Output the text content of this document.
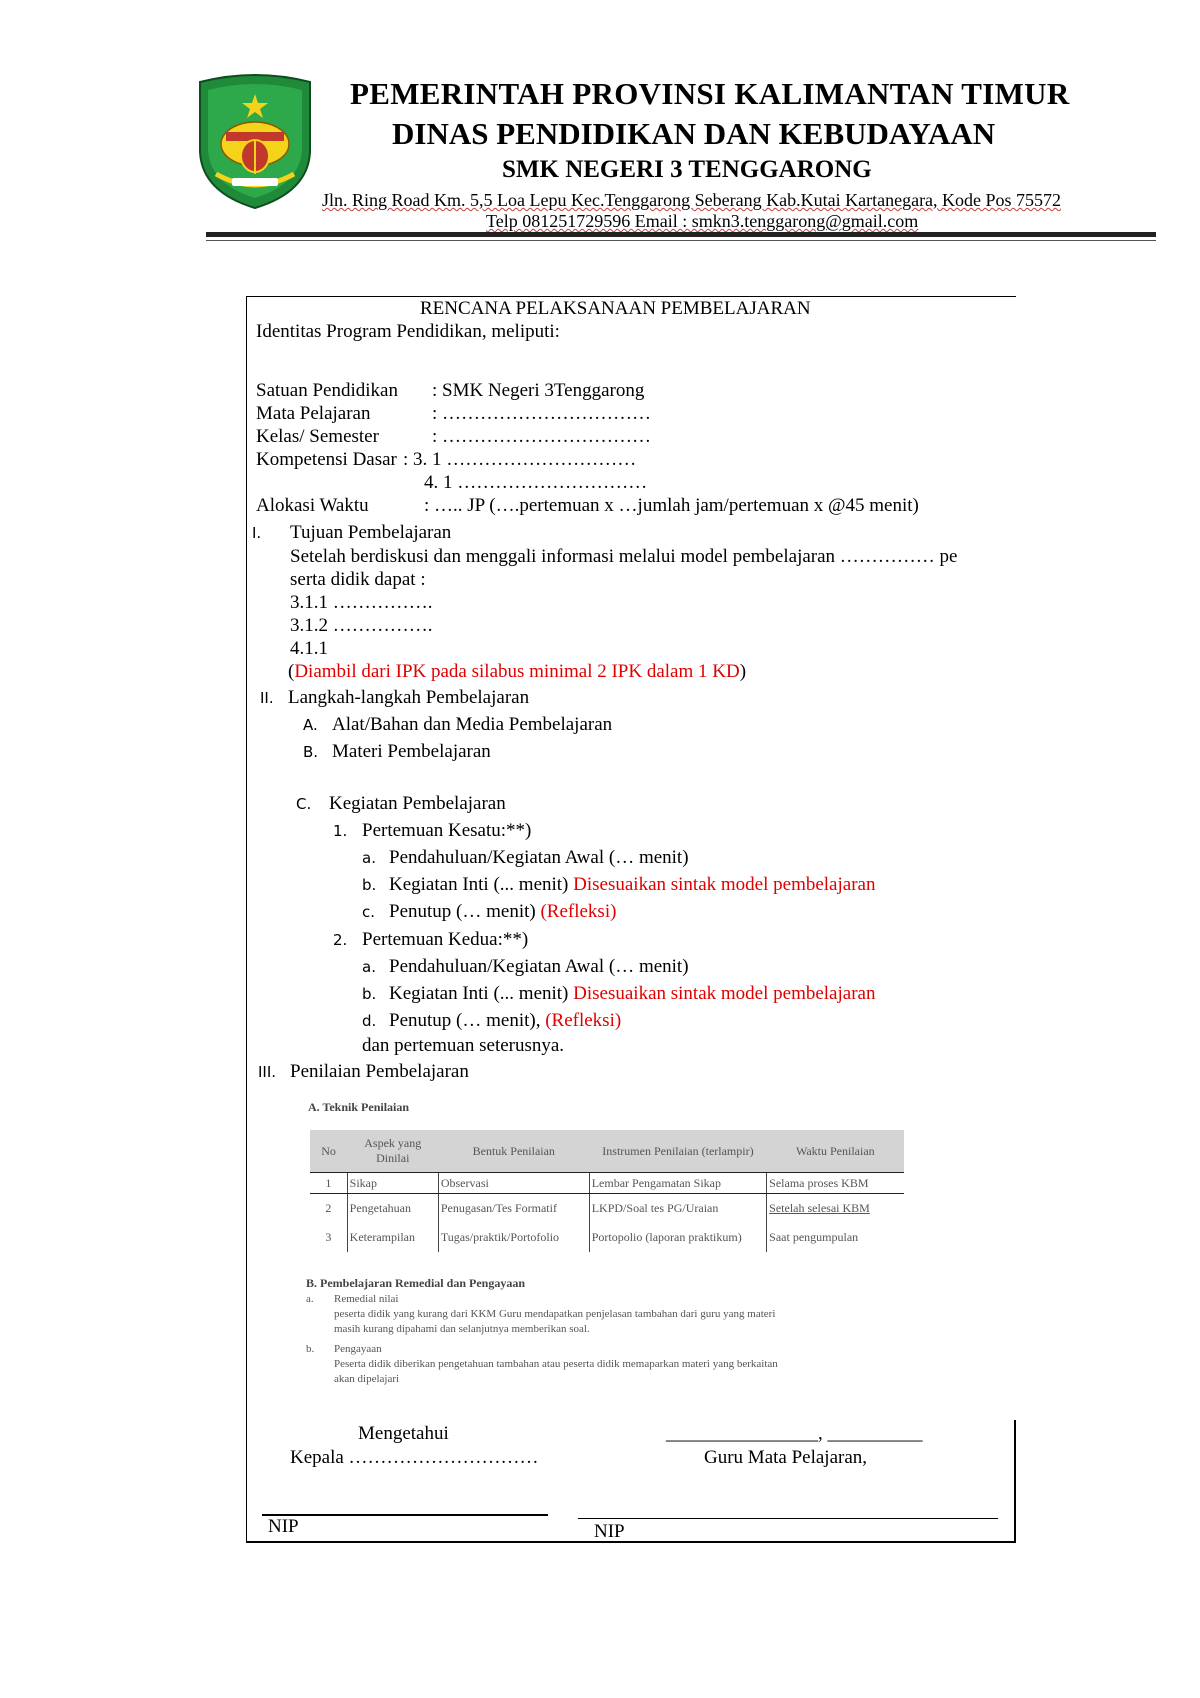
PEMERINTAH PROVINSI KALIMANTAN TIMUR
DINAS PENDIDIKAN DAN KEBUDAYAAN
SMK NEGERI 3 TENGGARONG
Jln. Ring Road Km. 5,5 Loa Lepu Kec.Tenggarong Seberang Kab.Kutai Kartanegara, Kode Pos 75572
Telp 081251729596 Email : smkn3.tenggarong@gmail.com
RENCANA PELAKSANAAN PEMBELAJARAN
Identitas Program Pendidikan, meliputi:
Satuan Pendidikan : SMK Negeri 3Tenggarong
Mata Pelajaran	: ……………………………
Kelas/ Semester	: ……………………………
Kompetensi Dasar : 3. 1 …………………………
4. 1 …………………………
Alokasi Waktu	: ….. JP (….pertemuan x …jumlah jam/pertemuan x @45 menit)
I. Tujuan Pembelajaran
Setelah berdiskusi dan menggali informasi melalui model pembelajaran …………… pe
serta didik dapat :
3.1.1 …………….
3.1.2 …………….
4.1.1
(Diambil dari IPK pada silabus minimal 2 IPK dalam 1 KD)
II. Langkah-langkah Pembelajaran
A. Alat/Bahan dan Media Pembelajaran
B. Materi Pembelajaran
C. Kegiatan Pembelajaran
1. Pertemuan Kesatu:**)
a. Pendahuluan/Kegiatan Awal (… menit)
b. Kegiatan Inti (... menit) Disesuaikan sintak model pembelajaran
c. Penutup (… menit) (Refleksi)
2. Pertemuan Kedua:**)
a. Pendahuluan/Kegiatan Awal (… menit)
b. Kegiatan Inti (... menit) Disesuaikan sintak model pembelajaran
d. Penutup (… menit), (Refleksi)
dan pertemuan seterusnya.
III. Penilaian Pembelajaran
A. Teknik Penilaian
No	Aspek yang Dinilai	Bentuk Penilaian	Instrumen Penilaian (terlampir)	Waktu Penilaian
1	Sikap	Observasi	Lembar Pengamatan Sikap	Selama proses KBM
2	Pengetahuan	Penugasan/Tes Formatif	LKPD/Soal tes PG/Uraian	Setelah selesai KBM
3	Keterampilan	Tugas/praktik/Portofolio	Portopolio (laporan praktikum)	Saat pengumpulan
B. Pembelajaran Remedial dan Pengayaan
a. Remedial nilai
peserta didik yang kurang dari KKM Guru mendapatkan penjelasan tambahan dari guru yang materi
masih kurang dipahami dan selanjutnya memberikan soal.
b. Pengayaan
Peserta didik diberikan pengetahuan tambahan atau peserta didik memaparkan materi yang berkaitan
akan dipelajari
Mengetahui
Kepala …………………………
________________, __________
Guru Mata Pelajaran,
NIP	NIP
